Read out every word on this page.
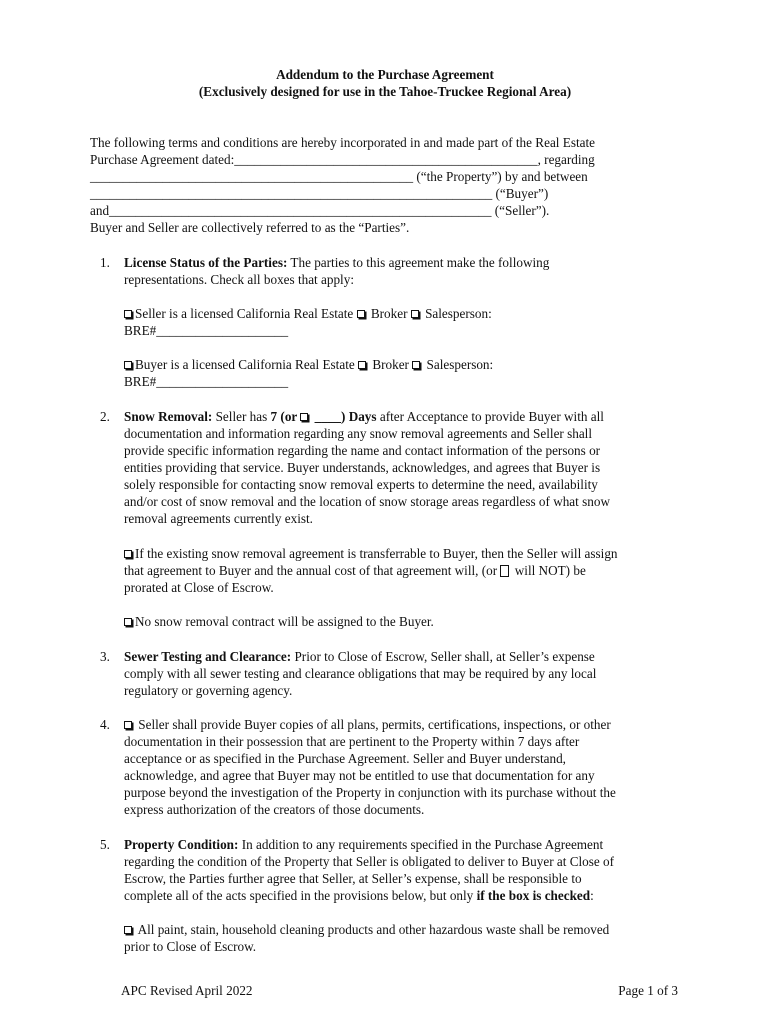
Addendum to the Purchase Agreement
(Exclusively designed for use in the Tahoe-Truckee Regional Area)
The following terms and conditions are hereby incorporated in and made part of the Real Estate
Purchase Agreement dated:______________________________________________, regarding
_________________________________________________ (“the Property”) by and between
_____________________________________________________________ (“Buyer”)
and__________________________________________________________ (“Seller”).
Buyer and Seller are collectively referred to as the “Parties”.
1. License Status of the Parties: The parties to this agreement make the following
representations. Check all boxes that apply:
Seller is a licensed California Real Estate  Broker  Salesperson:
BRE#____________________
Buyer is a licensed California Real Estate  Broker  Salesperson:
BRE#____________________
2. Snow Removal: Seller has 7 (or  ____) Days after Acceptance to provide Buyer with all
documentation and information regarding any snow removal agreements and Seller shall
provide specific information regarding the name and contact information of the persons or
entities providing that service. Buyer understands, acknowledges, and agrees that Buyer is
solely responsible for contacting snow removal experts to determine the need, availability
and/or cost of snow removal and the location of snow storage areas regardless of what snow
removal agreements currently exist.
If the existing snow removal agreement is transferrable to Buyer, then the Seller will assign
that agreement to Buyer and the annual cost of that agreement will, (or  will NOT) be
prorated at Close of Escrow.
No snow removal contract will be assigned to the Buyer.
3. Sewer Testing and Clearance: Prior to Close of Escrow, Seller shall, at Seller’s expense
comply with all sewer testing and clearance obligations that may be required by any local
regulatory or governing agency.
4.	Seller shall provide Buyer copies of all plans, permits, certifications, inspections, or other
documentation in their possession that are pertinent to the Property within 7 days after
acceptance or as specified in the Purchase Agreement. Seller and Buyer understand,
acknowledge, and agree that Buyer may not be entitled to use that documentation for any
purpose beyond the investigation of the Property in conjunction with its purchase without the
express authorization of the creators of those documents.
5. Property Condition: In addition to any requirements specified in the Purchase Agreement
regarding the condition of the Property that Seller is obligated to deliver to Buyer at Close of
Escrow, the Parties further agree that Seller, at Seller’s expense, shall be responsible to
complete all of the acts specified in the provisions below, but only if the box is checked:
All paint, stain, household cleaning products and other hazardous waste shall be removed
prior to Close of Escrow.
APC Revised April 2022	Page 1 of 3
